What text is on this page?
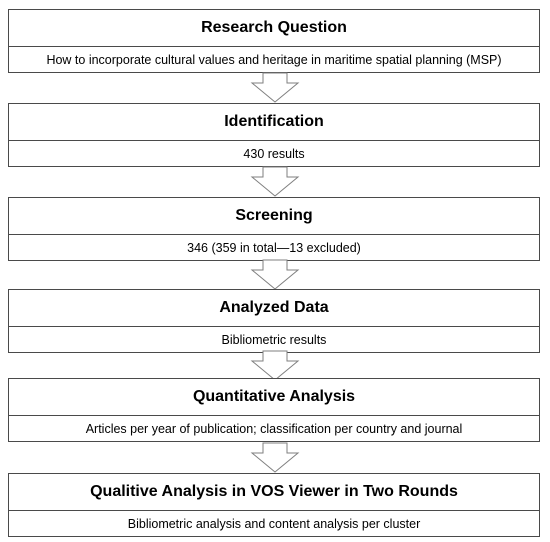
Research Question
How to incorporate cultural values and heritage in maritime spatial planning (MSP)
Identification
430 results
Screening
346 (359 in total—13 excluded)
Analyzed Data
Bibliometric results
Quantitative Analysis
Articles per year of publication; classification per country and journal
Qualitive Analysis in VOS Viewer in Two Rounds
Bibliometric analysis and content analysis per cluster
